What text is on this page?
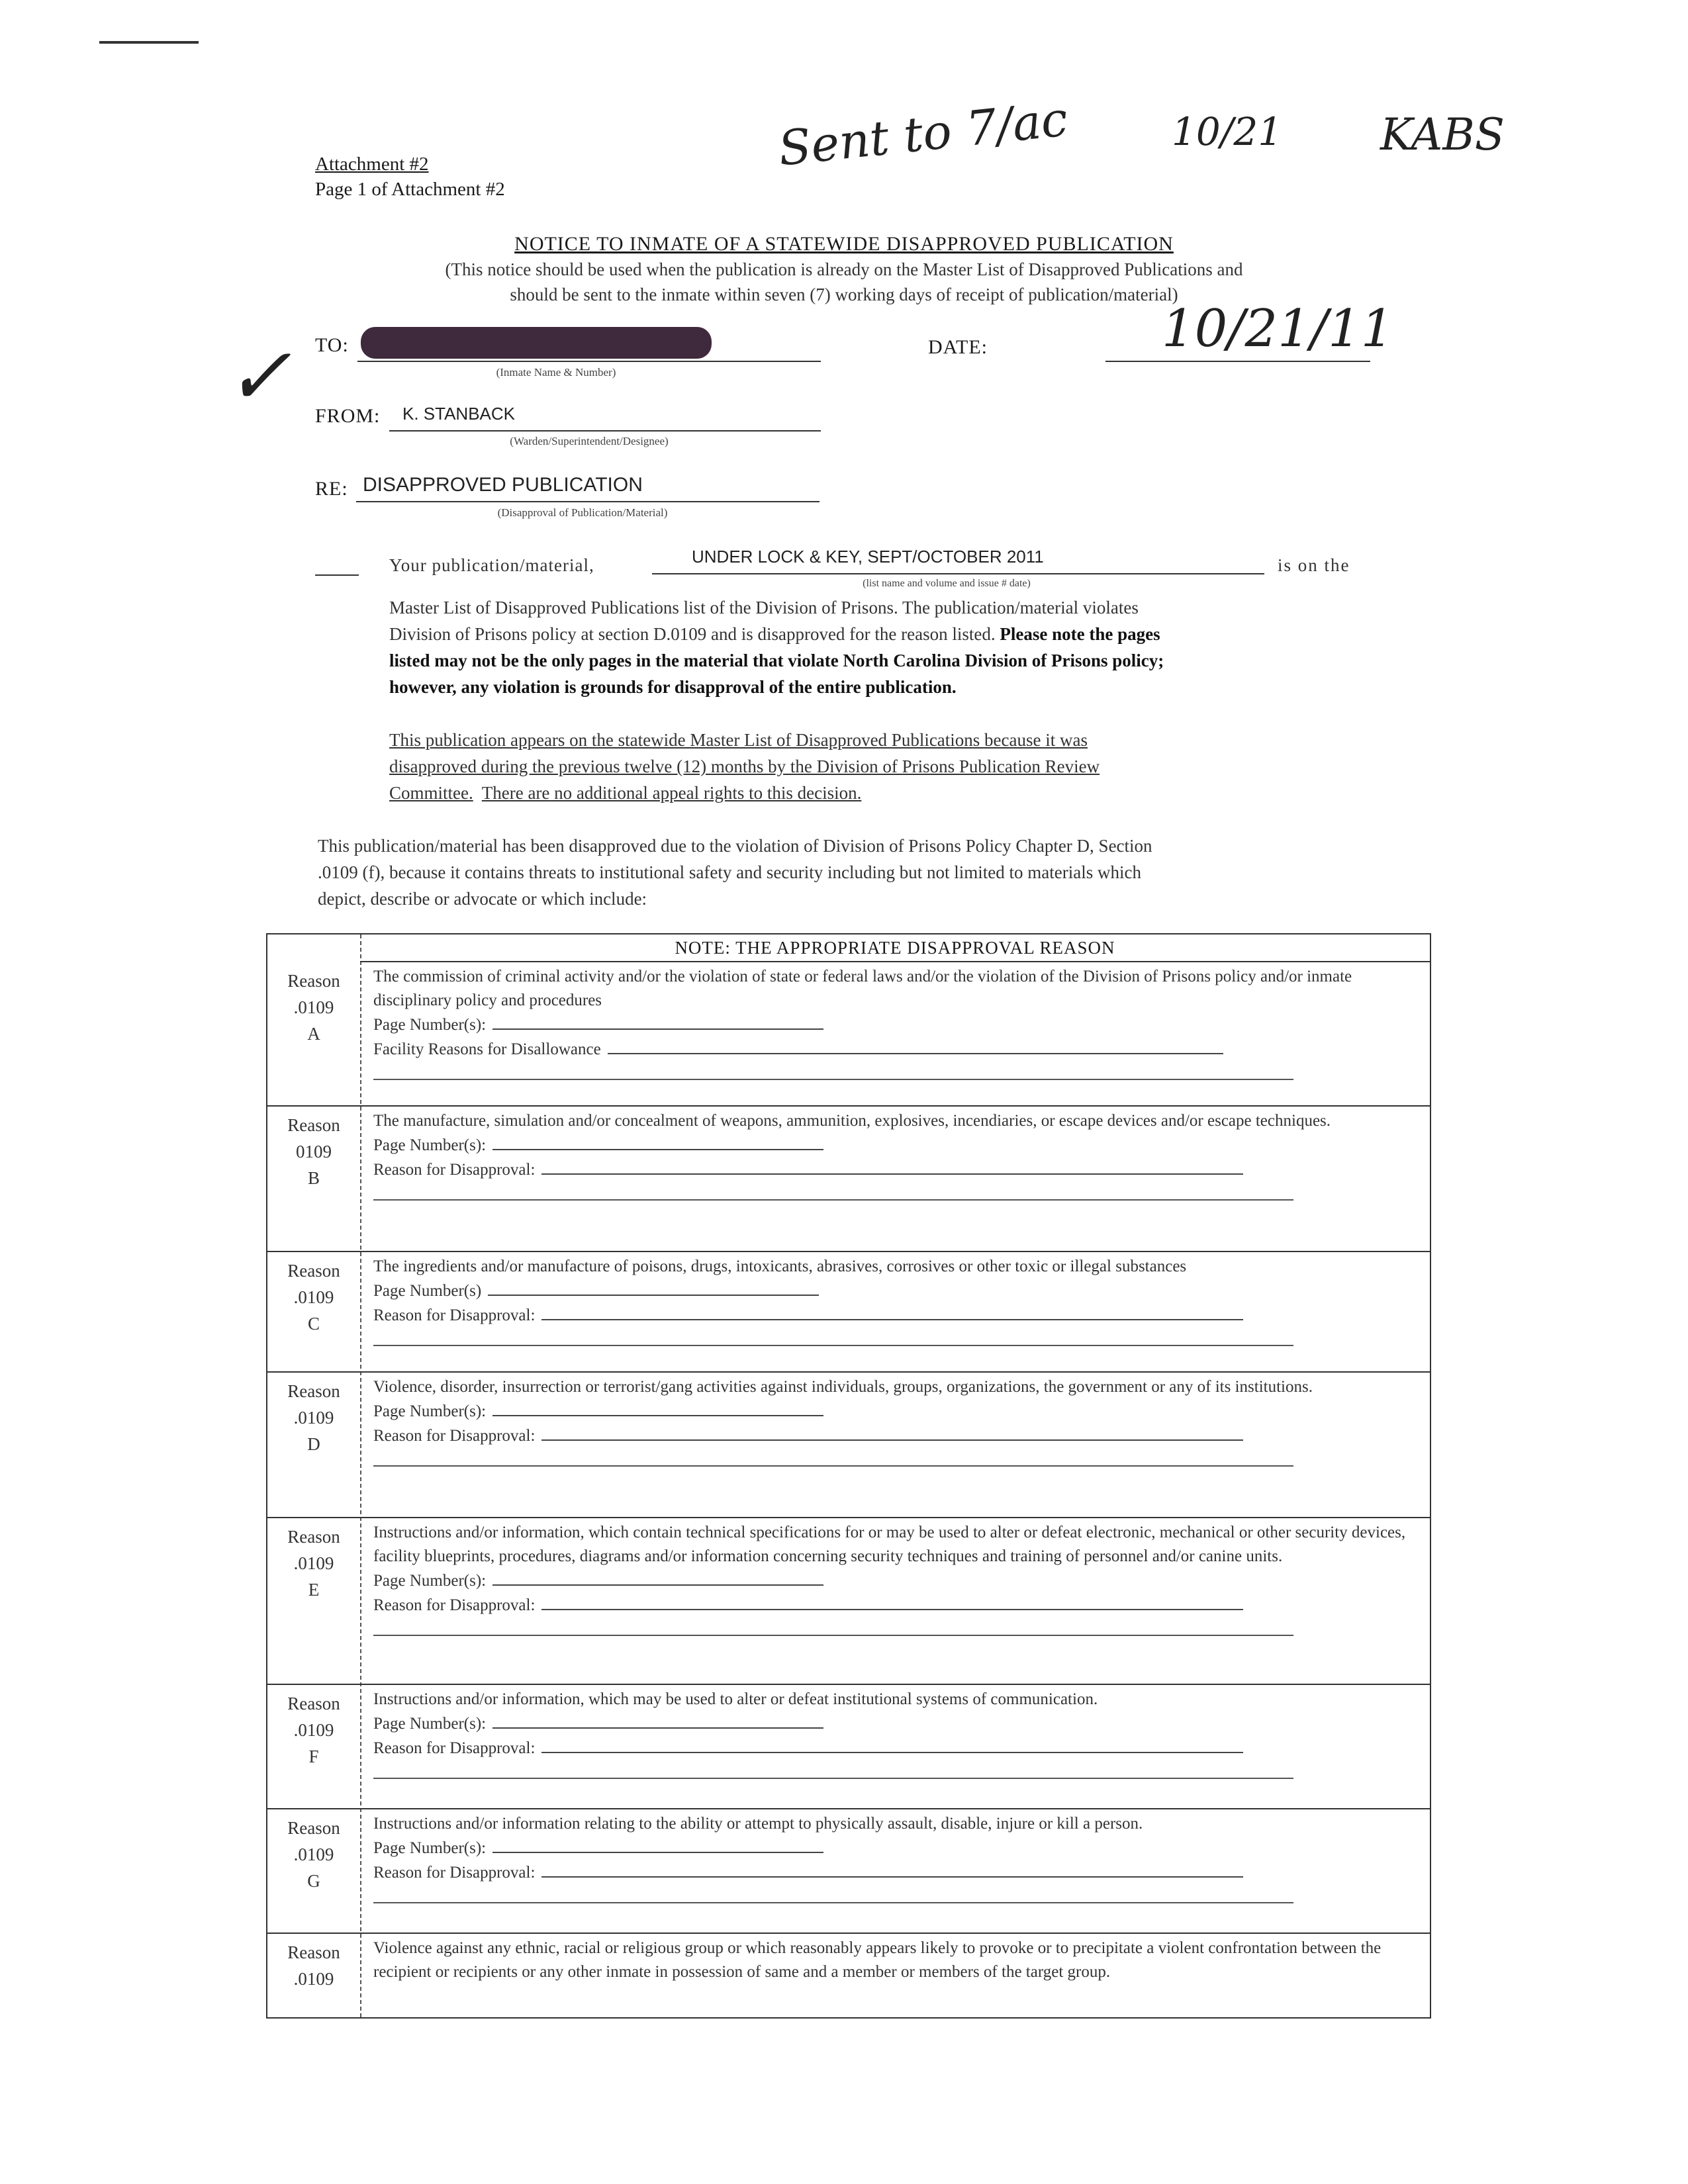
Sent to 7/ac	10/21 KABS
✓
Attachment #2
Page 1 of Attachment #2
NOTICE TO INMATE OF A STATEWIDE DISAPPROVED PUBLICATION
(This notice should be used when the publication is already on the Master List of Disapproved Publications and
should be sent to the inmate within seven (7) working days of receipt of publication/material)
TO:
(Inmate Name & Number)
DATE:	10/21/11
FROM: K. STANBACK
(Warden/Superintendent/Designee)
RE: DISAPPROVED PUBLICATION
(Disapproval of Publication/Material)
Your publication/material,	UNDER LOCK & KEY, SEPT/OCTOBER 2011	is on the
(list name and volume and issue # date)
Master List of Disapproved Publications list of the Division of Prisons. The publication/material violates
Division of Prisons policy at section D.0109 and is disapproved for the reason listed. Please note the pages
listed may not be the only pages in the material that violate North Carolina Division of Prisons policy;
however, any violation is grounds for disapproval of the entire publication.
This publication appears on the statewide Master List of Disapproved Publications because it was
disapproved during the previous twelve (12) months by the Division of Prisons Publication Review
Committee. There are no additional appeal rights to this decision.
This publication/material has been disapproved due to the violation of Division of Prisons Policy Chapter D, Section
.0109 (f), because it contains threats to institutional safety and security including but not limited to materials which
depict, describe or advocate or which include:
NOTE: THE APPROPRIATE DISAPPROVAL REASON
Reason
.0109
A
The commission of criminal activity and/or the violation of state or federal laws and/or the violation of the Division of Prisons policy and/or inmate disciplinary policy and procedures
Page Number(s):
Facility Reasons for Disallowance
Reason
0109
B
The manufacture, simulation and/or concealment of weapons, ammunition, explosives, incendiaries, or escape devices and/or escape techniques.
Page Number(s):
Reason for Disapproval:
Reason
.0109
C
The ingredients and/or manufacture of poisons, drugs, intoxicants, abrasives, corrosives or other toxic or illegal substances
Page Number(s)
Reason for Disapproval:
Reason
.0109
D
Violence, disorder, insurrection or terrorist/gang activities against individuals, groups, organizations, the government or any of its institutions.
Page Number(s):
Reason for Disapproval:
Reason
.0109
E
Instructions and/or information, which contain technical specifications for or may be used to alter or defeat electronic, mechanical or other security devices, facility blueprints, procedures, diagrams and/or information concerning security techniques and training of personnel and/or canine units.
Page Number(s):
Reason for Disapproval:
Reason
.0109
F
Instructions and/or information, which may be used to alter or defeat institutional systems of communication.
Page Number(s):
Reason for Disapproval:
Reason
.0109
G
Instructions and/or information relating to the ability or attempt to physically assault, disable, injure or kill a person.
Page Number(s):
Reason for Disapproval:
Reason
.0109
Violence against any ethnic, racial or religious group or which reasonably appears likely to provoke or to precipitate a violent confrontation between the recipient or recipients or any other inmate in possession of same and a member or members of the target group.
